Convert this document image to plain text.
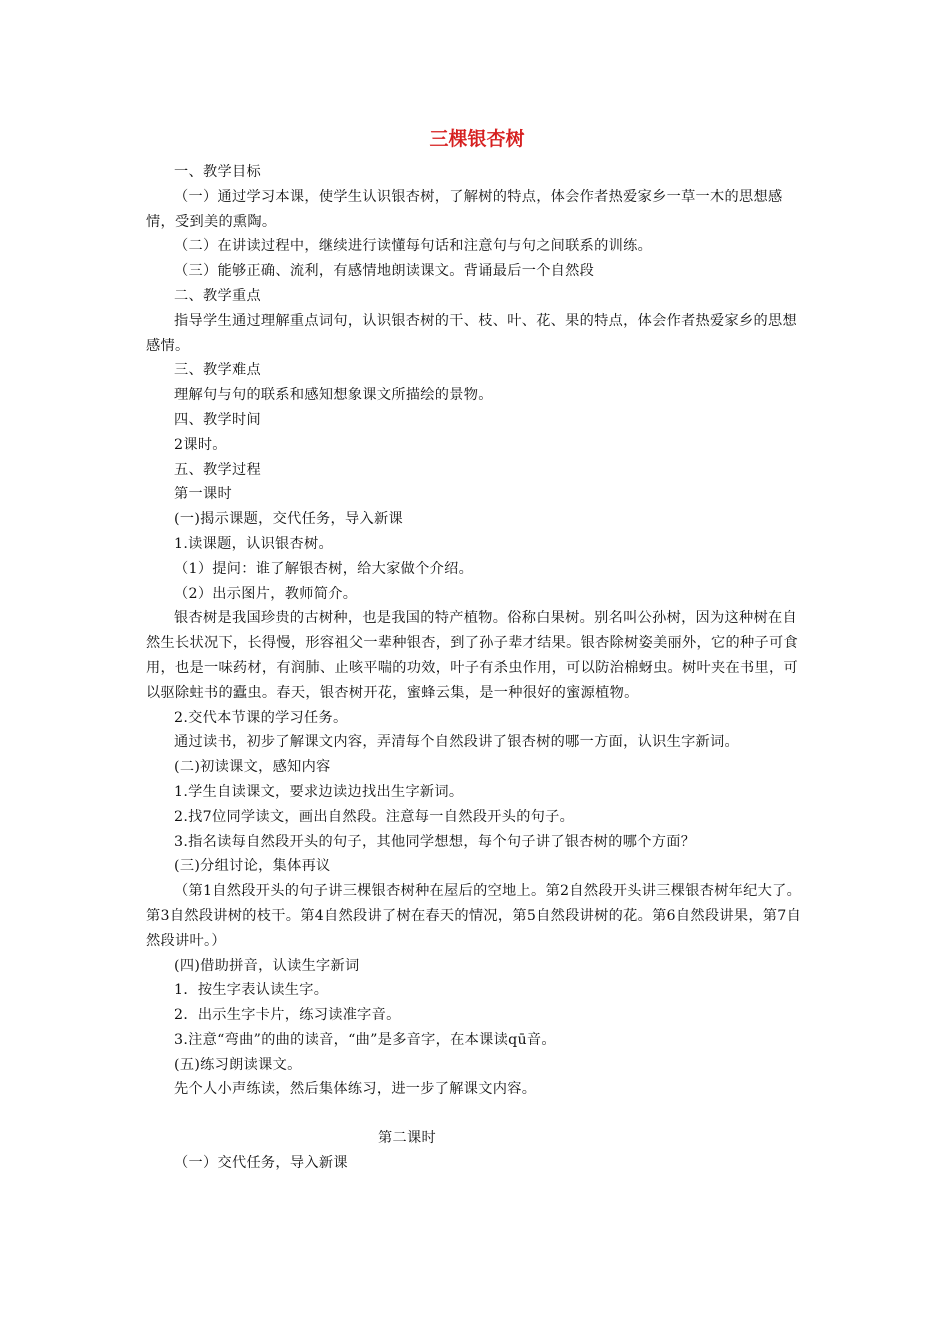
三棵银杏树

一、教学目标

（一）通过学习本课，使学生认识银杏树，了解树的特点，体会作者热爱家乡一草一木的思想感情，受到美的熏陶。

（二）在讲读过程中，继续进行读懂每句话和注意句与句之间联系的训练。

（三）能够正确、流利，有感情地朗读课文。背诵最后一个自然段

二、教学重点

指导学生通过理解重点词句，认识银杏树的干、枝、叶、花、果的特点，体会作者热爱家乡的思想感情。

三、教学难点

理解句与句的联系和感知想象课文所描绘的景物。

四、教学时间

2课时。

五、教学过程

第一课时

(一)揭示课题，交代任务，导入新课

1.读课题，认识银杏树。

（1）提问：谁了解银杏树，给大家做个介绍。

（2）出示图片，教师简介。

银杏树是我国珍贵的古树种，也是我国的特产植物。俗称白果树。别名叫公孙树，因为这种树在自然生长状况下，长得慢，形容祖父一辈种银杏，到了孙子辈才结果。银杏除树姿美丽外，它的种子可食用，也是一味药材，有润肺、止咳平喘的功效，叶子有杀虫作用，可以防治棉蚜虫。树叶夹在书里，可以驱除蛀书的蠹虫。春天，银杏树开花，蜜蜂云集，是一种很好的蜜源植物。

2.交代本节课的学习任务。

通过读书，初步了解课文内容，弄清每个自然段讲了银杏树的哪一方面，认识生字新词。

(二)初读课文，感知内容

1.学生自读课文，要求边读边找出生字新词。

2.找7位同学读文，画出自然段。注意每一自然段开头的句子。

3.指名读每自然段开头的句子，其他同学想想，每个句子讲了银杏树的哪个方面？

(三)分组讨论，集体再议

（第1自然段开头的句子讲三棵银杏树种在屋后的空地上。第2自然段开头讲三棵银杏树年纪大了。第3自然段讲树的枝干。第4自然段讲了树在春天的情况，第5自然段讲树的花。第6自然段讲果，第7自然段讲叶。）

(四)借助拼音，认读生字新词

1．按生字表认读生字。

2．出示生字卡片，练习读准字音。

3.注意“弯曲”的曲的读音，“曲”是多音字，在本课读qū音。

(五)练习朗读课文。

先个人小声练读，然后集体练习，进一步了解课文内容。

第二课时

（一）交代任务，导入新课
